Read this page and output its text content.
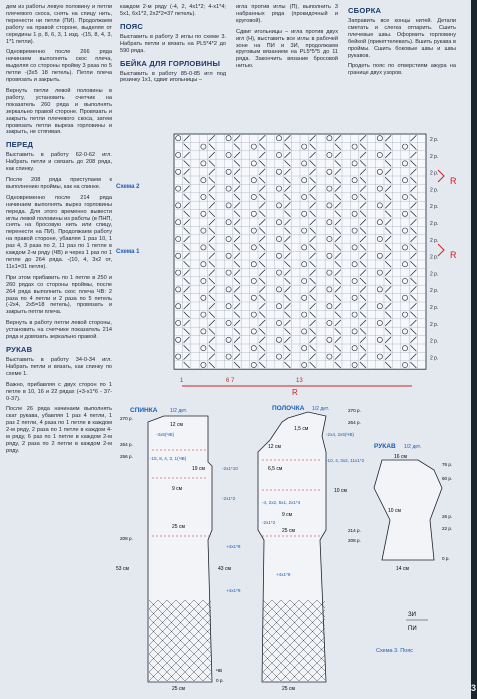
дем из работы левую половину и петли плечевого скоса, снять на спицу нить, перенести ни петли (ПИ). Продолжаем работу на правой стороне, выделяя от середины 1 р, 8, 6, 3, 1 изд. -(15, 8, 4, 3, 1*1 петли).

Одновременно после 266 ряда начинаем выполнять скос плеча, выделяя со стороны пройму 3 раза по 5 петли -(3x5 18 петель). Петли плеча провязать и закрыть.

Вернуть петли левой половины в работу, установить счетчик на показатель 260 ряда и выполнять зеркально правой стороне. Провязать и закрыть петли плечевого скоса, затем провязать петли выреза горловины и закрыть, не стягивая.

ПЕРЕД

Выставить в работу 62-0-62 игл. Набрать петли и связать до 208 ряда, как спинку.

После 208 ряда приступаем к выполнению проймы, как на спинке.

Одновременно после 214 ряда начинаем выполнять вырез горловины переда. Для этого временно вывести иглы левой половины из работы (в ПНП, снять на бросовую нить или спицу, перенести на ПИ). Продолжаем работу на правой стороне, убавляя 1 раз 10, 1 раз 4, 3 раза по 2, 11 раз по 1 петле в каждом 2-м ряду (ЧВ) и через 1 раз по 1 петле до 264 ряда. -(10, 4, 3x2 от, 11x1=31 петля).

При этом прибавить по 1 петле в 250 и 260 рядах со стороны проймы, после 264 ряда выполнить скос плеча ЧВ: 2 раза по 4 петли и 2 раза по 5 петель (-2x4, 2x5=18 петель), провязать и закрыть петли плеча.

Вернуть в работу петли левой стороны, установить на счетчике показатель 214 ряда и довязать зеркально правой.

РУКАВ

Выставить в работу 34-0-34 игл. Набрать петли и вязать, как спинку по схеме 1.

Важно, прибавляя с двух сторон по 1 петле в 10, 16 и 22 рядах (+3-x1*6 - 37-0-37).

После 26 ряда начинаем выполнять скат рукава, убавляя 1 раз 4 петли, 1 раз 2 петли, 4 раза по 1 петле в каждом 2-м ряду, 2 раза по 1 петле в каждом 4-м ряду, 6 раз по 1 петле в каждом 2-м ряду, 2 раза по 2 петли в каждом 2-м ряду.

каждом 2-м ряду (-4, 2, 4x1*2; 4-x1*4; 5x1, 6x1*2, 2x2*2=37 петель).

ПОЯС

Выставить в работу 3 иглы по схеме 3. Набрать петли и вязать на PL5*4*2 до 590 ряда.

БЕЙКА ДЛЯ ГОРЛОВИНЫ

Выставить в работу 85-0-85 игл под резинку 1x1, сдвиг игольницы –

игла против иглы (П), выполнить 3 набранных ряда (прокидочный и круговой).

Сдвиг игольницы – игла против двух игл (Н), выставить все иглы в рабочей зоне на ПИ и 3И, продолжаем круговым вязанием на PL5*5*5 до 11 ряда. Закончить вязание бросовой нитью.

СБОРКА

Заправить все концы нитей. Детали сметать и слегка отпарить. Сшить плечевые швы. Оформить горловину бейкой (прикеттелевать). Вшить рукава в проймы. Сшить боковые швы и швы рукавов.

Продеть пояс по отверстиям ажура на границе двух узоров.

Схема 2
Схема 1
2 р.
2 р.
2 р.
2 р.
2 р.
2 р.
2 р.
2 р.
2 р.
2 р.
2 р.
2 р.
2 р.
2 р.
R
R
R
1	6 7	13
СПИНКА	1/2 дет.	ПОЛОЧКА 1/2 дет.
РУКАВ 1/2 дет.
12 см
19 см
9 см
25 см
43 см
53 см
25 см
270 р.
264 р.
208 р.
256 р.
ЧВ
0 р.
-3x6(ЧВ)
-15, 8, 4, 3, 1(ЧВ)
-2x1*10
-2x1*2
+4x1*8
+4x1*9
1,5 см
12 см
6,5 см
10 см
9 см
25 см
25 см
270 р.
264 р.
214 р.
208 р.
-2x4, 2x5(ЧВ)
-10, 4, 3x2, 11x1*2
-4, 2x2, 5x1, 2x1*4
-2x1*2
+4x1*8
16 см
10 см
14 см
76 р.
60 р.
26 р.
22 р.
0 р.
ЗИ
ПИ
Схема 3. Пояс
13
